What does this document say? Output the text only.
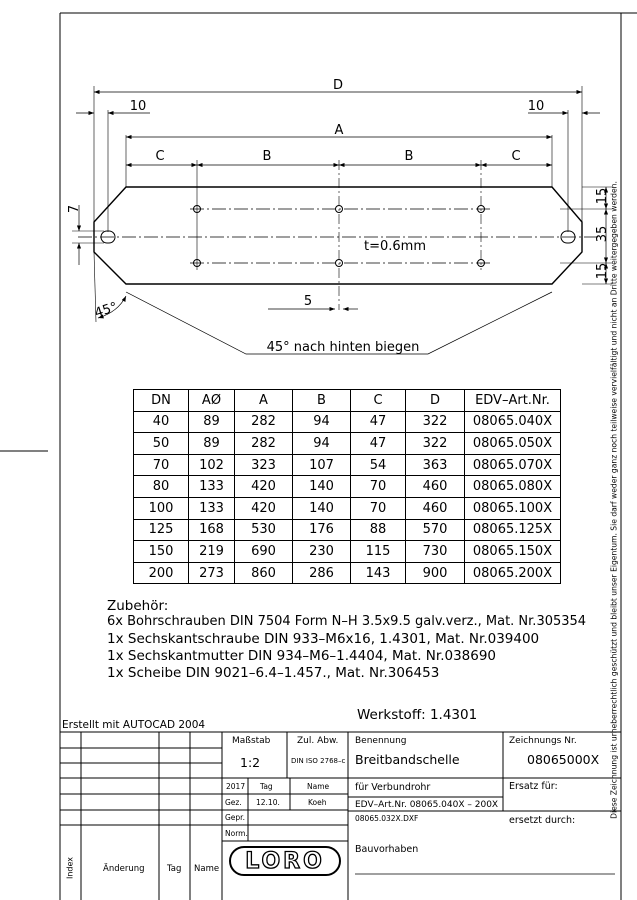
D
10	10
A
C	B	B	C
7
15
35
15
45°	5
t=0.6mm
45° nach hinten biegen
DN	AØ	A	B	C	D	EDV–Art.Nr.
40	89	282	94	47	322	08065.040X
50	89	282	94	47	322	08065.050X
70	102	323	107	54	363	08065.070X
80	133	420	140	70	460	08065.080X
100	133	420	140	70	460	08065.100X
125	168	530	176	88	570	08065.125X
150	219	690	230	115	730	08065.150X
200	273	860	286	143	900	08065.200X
Zubehör:
6x Bohrschrauben DIN 7504 Form N–H 3.5x9.5 galv.verz., Mat. Nr.305354
1x Sechskantschraube DIN 933–M6x16, 1.4301, Mat. Nr.039400
1x Sechskantmutter DIN 934–M6–1.4404, Mat. Nr.038690
1x Scheibe DIN 9021–6.4–1.457., Mat. Nr.306453
Werkstoff: 1.4301
Erstellt mit AUTOCAD 2004
Maßstab
1:2
Zul. Abw.
DIN ISO 2768–c
Benennung
Breitbandschelle
Zeichnungs Nr.
08065000X
2017 Tag	Name
Gez. 12.10.	Koeh
Gepr.
Norm.
für Verbundrohr	Ersatz für:
EDV–Art.Nr. 08065.040X – 200X
08065.032X.DXF	ersetzt durch:
Bauvorhaben
LORO
Index	Änderung	Tag Name
Diese Zeichnung ist urheberrechtlich geschützt und bleibt unser Eigentum. Sie darf weder ganz noch teilweise vervielfältigt und nicht an Dritte weitergegeben werden.
